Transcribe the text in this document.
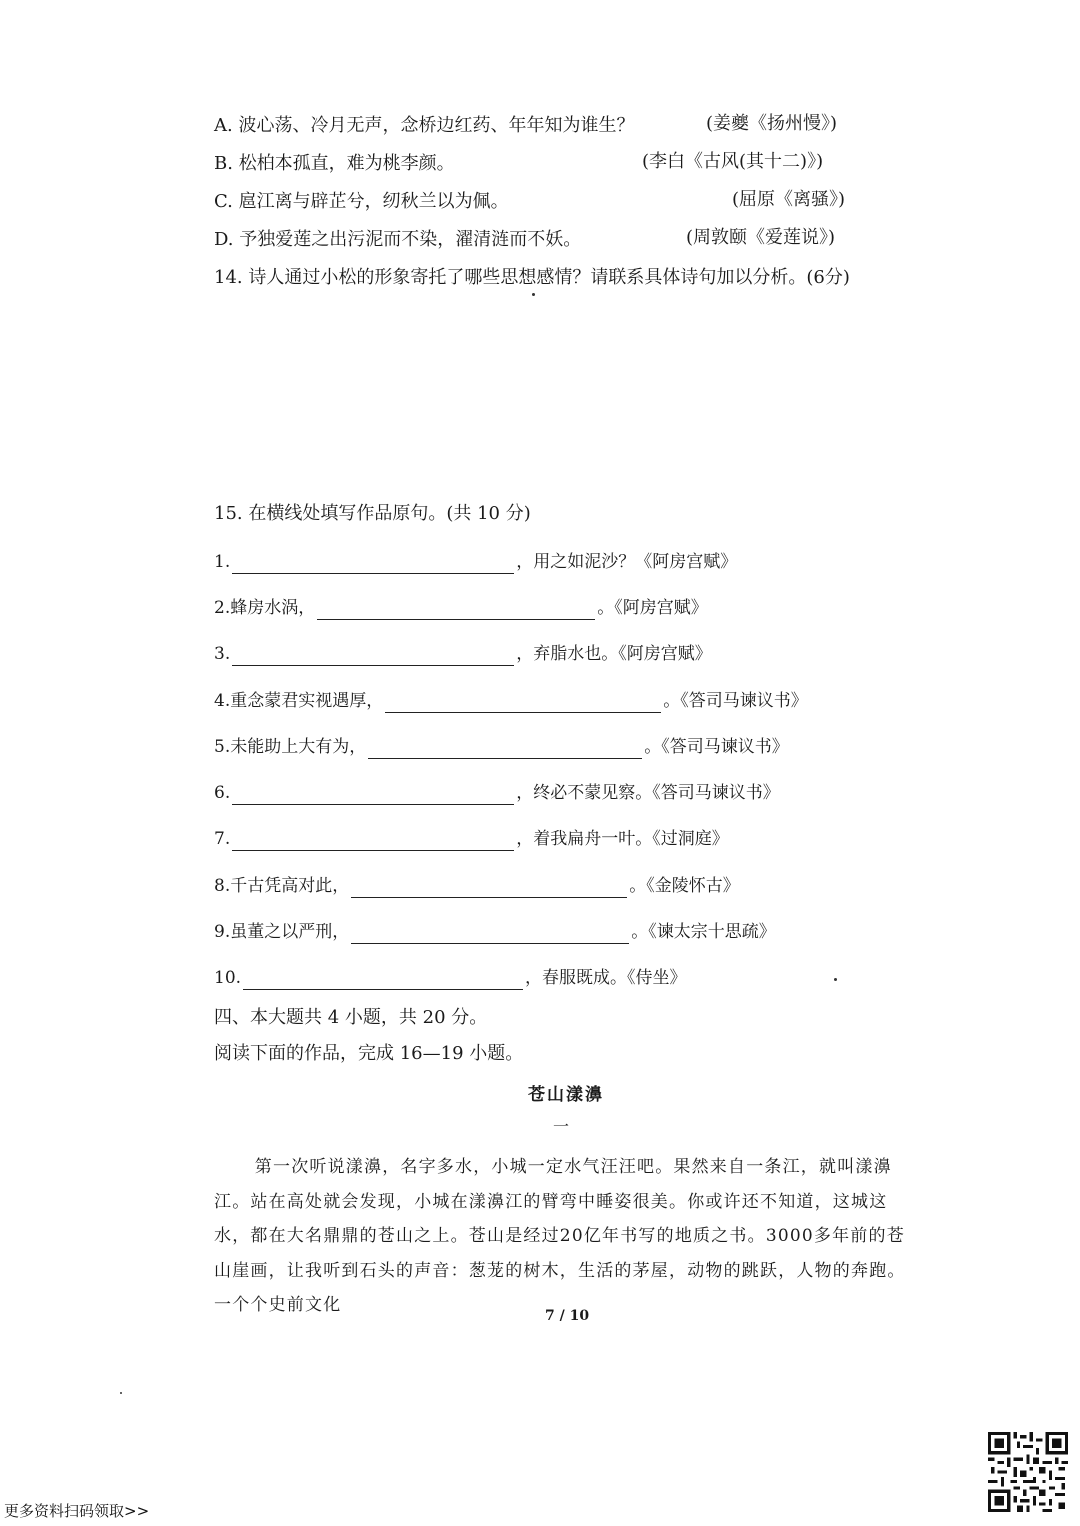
A. 波心荡、冷月无声，念桥边红药、年年知为谁生？	(姜夔《扬州慢》)
B. 松柏本孤直，难为桃李颜。	(李白《古风(其十二)》)
C. 扈江离与辟芷兮，纫秋兰以为佩。	(屈原《离骚》)
D. 予独爱莲之出污泥而不染，濯清涟而不妖。	(周敦颐《爱莲说》)
14. 诗人通过小松的形象寄托了哪些思想感情？请联系具体诗句加以分析。(6分)
15. 在横线处填写作品原句。(共 10 分)
1.	，用之如泥沙？《阿房宫赋》
2.蜂房水涡，	。《阿房宫赋》
3.	，弃脂水也。《阿房宫赋》
4.重念蒙君实视遇厚，	。《答司马谏议书》
5.未能助上大有为，	。《答司马谏议书》
6.	，终必不蒙见察。《答司马谏议书》
7.	，着我扁舟一叶。《过洞庭》
8.千古凭高对此，	。《金陵怀古》
9.虽董之以严刑，	。《谏太宗十思疏》
10.	，春服既成。《侍坐》
四、本大题共 4 小题，共 20 分。
阅读下面的作品，完成 16—19 小题。
苍山漾濞
一

第一次听说漾濞，名字多水，小城一定水气汪汪吧。果然来自一条江，就叫漾濞江。站在高处就会发现，小城在漾濞江的臂弯中睡姿很美。你或许还不知道，这城这水，都在大名鼎鼎的苍山之上。苍山是经过20亿年书写的地质之书。3000多年前的苍山崖画，让我听到石头的声音：葱茏的树木，生活的茅屋，动物的跳跃，人物的奔跑。一个个史前文化

7 / 10
更多资料扫码领取>>
